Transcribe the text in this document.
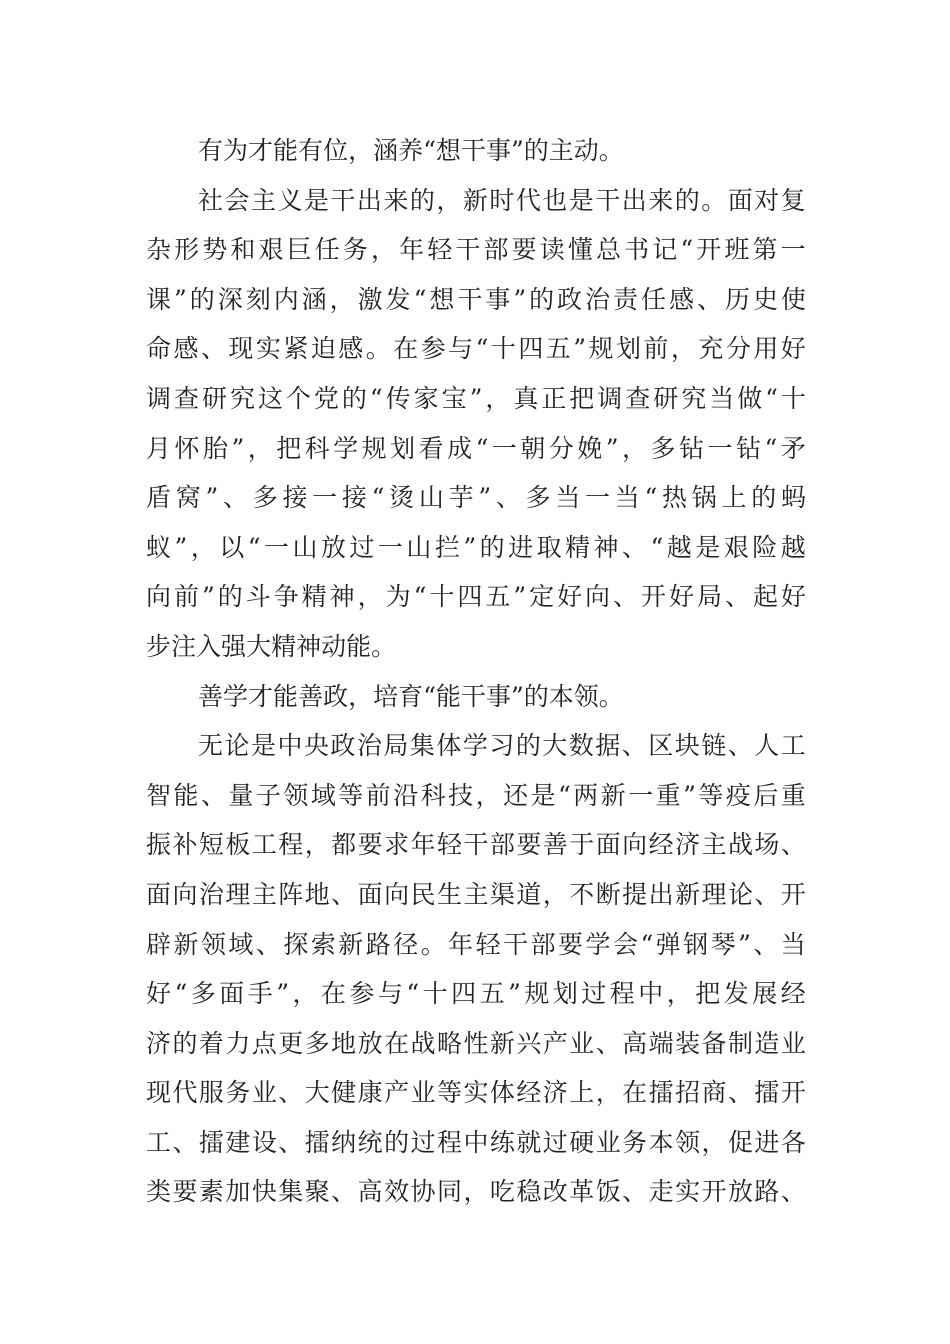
有 为 才 能 有 位 ， 涵 养 “ 想 干 事 ” 的 主 动 。
社 会 主 义 是 干 出 来 的 ， 新 时 代 也 是 干 出 来 的 。 面 对 复
杂 形 势 和 艰 巨 任 务 ， 年 轻 干 部 要 读 懂 总 书 记 “ 开 班 第 一
课 ” 的 深 刻 内 涵 ， 激 发 “ 想 干 事 ” 的 政 治 责 任 感 、 历 史 使
命 感 、 现 实 紧 迫 感 。 在 参 与 “ 十 四 五 ” 规 划 前 ， 充 分 用 好
调 查 研 究 这 个 党 的 “ 传 家 宝 ” ， 真 正 把 调 查 研 究 当 做 “ 十
月 怀 胎 ” ， 把 科 学 规 划 看 成 “ 一 朝 分 娩 ” ， 多 钻 一 钻 “ 矛
盾 窝 ” 、 多 接 一 接 “ 烫 山 芋 ” 、 多 当 一 当 “ 热 锅 上 的 蚂
蚁 ” ， 以 “ 一 山 放 过 一 山 拦 ” 的 进 取 精 神 、 “ 越 是 艰 险 越
向 前 ” 的 斗 争 精 神 ， 为 “ 十 四 五 ” 定 好 向 、 开 好 局 、 起 好
步 注 入 强 大 精 神 动 能 。
善 学 才 能 善 政 ， 培 育 “ 能 干 事 ” 的 本 领 。
无 论 是 中 央 政 治 局 集 体 学 习 的 大 数 据 、 区 块 链 、 人 工
智 能 、 量 子 领 域 等 前 沿 科 技 ， 还 是 “ 两 新 一 重 ” 等 疫 后 重
振 补 短 板 工 程 ， 都 要 求 年 轻 干 部 要 善 于 面 向 经 济 主 战 场 、
面 向 治 理 主 阵 地 、 面 向 民 生 主 渠 道 ， 不 断 提 出 新 理 论 、 开
辟 新 领 域 、 探 索 新 路 径 。 年 轻 干 部 要 学 会 “ 弹 钢 琴 ” 、 当
好 “ 多 面 手 ” ， 在 参 与 “ 十 四 五 ” 规 划 过 程 中 ， 把 发 展 经
济 的 着 力 点 更 多 地 放 在 战 略 性 新 兴 产 业 、 高 端 装 备 制 造 业
现 代 服 务 业 、 大 健 康 产 业 等 实 体 经 济 上 ， 在 擂 招 商 、 擂 开
工 、 擂 建 设 、 擂 纳 统 的 过 程 中 练 就 过 硬 业 务 本 领 ， 促 进 各
类 要 素 加 快 集 聚 、 高 效 协 同 ， 吃 稳 改 革 饭 、 走 实 开 放 路 、
